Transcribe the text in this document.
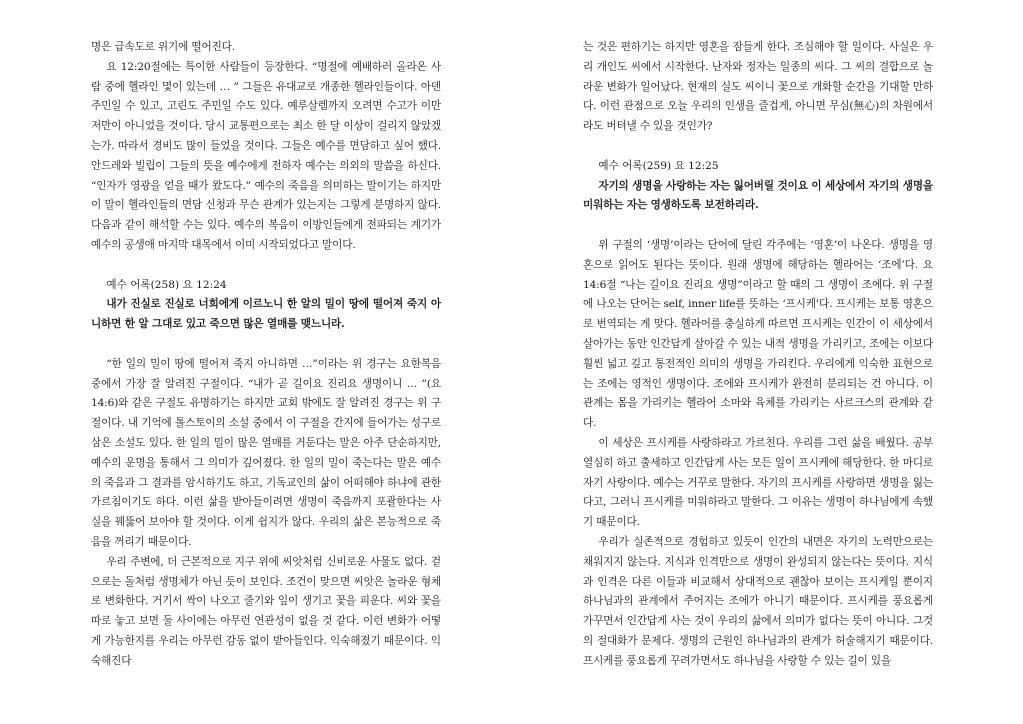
명은 급속도로 위기에 떨어진다.

요 12:20절에는 특이한 사람들이 등장한다. “명절에 예배하러 올라온 사람 중에 헬라인 몇이 있는데 … ” 그들은 유대교로 개종한 헬라인들이다. 아덴 주민일 수 있고, 고린도 주민일 수도 있다. 예루살렘까지 오려면 수고가 이만저만이 아니었을 것이다. 당시 교통편으로는 최소 한 달 이상이 걸리지 않았겠는가. 따라서 경비도 많이 들었을 것이다. 그들은 예수를 면담하고 싶어 했다. 안드레와 빌립이 그들의 뜻을 예수에게 전하자 예수는 의외의 말씀을 하신다. “인자가 영광을 얻을 때가 왔도다.” 예수의 죽음을 의미하는 말이기는 하지만 이 말이 헬라인들의 면담 신청과 무슨 관계가 있는지는 그렇게 분명하지 않다. 다음과 같이 해석할 수는 있다. 예수의 복음이 이방인들에게 전파되는 계기가 예수의 공생애 마지막 대목에서 이미 시작되었다고 말이다.

예수 어록(258) 요 12:24

내가 진실로 진실로 너희에게 이르노니 한 알의 밀이 땅에 떨어져 죽지 아니하면 한 알 그대로 있고 죽으면 많은 열매를 맺느니라.

“한 일의 밀이 땅에 떨어져 죽지 아니하면 …”이라는 위 경구는 요한복음 중에서 가장 잘 알려진 구절이다. “내가 곧 길이요 진리요 생명이니 … ”(요 14:6)와 같은 구절도 유명하기는 하지만 교회 밖에도 잘 알려진 경구는 위 구절이다. 내 기억에 톨스토이의 소설 중에서 이 구절을 간지에 들어가는 성구로 삼은 소설도 있다. 한 일의 밀이 많은 열매를 거둔다는 말은 아주 단순하지만, 예수의 운명을 통해서 그 의미가 깊어졌다. 한 일의 밀이 죽는다는 말은 예수의 죽음과 그 결과를 암시하기도 하고, 기독교인의 삶이 어떠해야 하냐에 관한 가르침이기도 하다. 이런 삶을 받아들이려면 생명이 죽음까지 포괄한다는 사실을 꿰뚫어 보아야 할 것이다. 이게 쉽지가 않다. 우리의 삶은 본능적으로 죽음을 꺼리기 때문이다.

우리 주변에, 더 근본적으로 지구 위에 씨앗처럼 신비로운 사물도 없다. 겉으로는 돌처럼 생명체가 아닌 듯이 보인다. 조건이 맞으면 씨앗은 놀라운 형체로 변화한다. 거기서 싹이 나오고 줄기와 잎이 생기고 꽃을 피운다. 씨와 꽃을 따로 놓고 보면 둘 사이에는 아무런 연관성이 없을 것 같다. 이런 변화가 어떻게 가능한지를 우리는 아무런 감동 없이 받아들인다. 익숙해졌기 때문이다. 익숙해진다

는 것은 편하기는 하지만 영혼을 잠들게 한다. 조심해야 할 일이다. 사실은 우리 개인도 씨에서 시작한다. 난자와 정자는 일종의 씨다. 그 씨의 결합으로 놀라운 변화가 일어났다. 현재의 실도 씨이니 꽃으로 개화할 순간을 기대할 만하다. 이런 관점으로 오늘 우리의 인생을 즐겁게, 아니면 무심(無心)의 차원에서라도 버텨낼 수 있을 것인가?

예수 어록(259) 요 12:25

자기의 생명을 사랑하는 자는 잃어버릴 것이요 이 세상에서 자기의 생명을 미워하는 자는 영생하도록 보전하리라.

위 구절의 ‘생명’이라는 단어에 달린 각주에는 ‘영혼’이 나온다. 생명을 영혼으로 읽어도 된다는 뜻이다. 원래 생명에 해당하는 헬라어는 ‘조에’다. 요 14:6절 “나는 길이요 진리요 생명”이라고 할 때의 그 생명이 조에다. 위 구절에 나오는 단어는 self, inner life를 뜻하는 ‘프시케’다. 프시케는 보통 영혼으로 번역되는 게 맞다. 헬라어를 충실하게 따르면 프시케는 인간이 이 세상에서 살아가는 동안 인간답게 살아갈 수 있는 내적 생명을 가리키고, 조에는 이보다 훨씬 넓고 깊고 통전적인 의미의 생명을 가리킨다. 우리에게 익숙한 표현으로는 조에는 영적인 생명이다. 조에와 프시케가 완전히 분리되는 건 아니다. 이 관계는 몸을 가리키는 헬라어 소마와 육체를 가리키는 사르크스의 관계와 같다.

이 세상은 프시케를 사랑하라고 가르친다. 우리를 그런 삶을 배웠다. 공부 열심히 하고 출세하고 인간답게 사는 모든 일이 프시케에 해당한다. 한 마디로 자기 사랑이다. 예수는 거꾸로 말한다. 자기의 프시케를 사랑하면 생명을 잃는다고, 그러니 프시케를 미워하라고 말한다. 그 이유는 생명이 하나님에게 속했기 때문이다.

우리가 실존적으로 경험하고 있듯이 인간의 내면은 자기의 노력만으로는 채워지지 않는다. 지식과 인격만으로 생명이 완성되지 않는다는 뜻이다. 지식과 인격은 다른 이들과 비교해서 상대적으로 괜찮아 보이는 프시케일 뿐이지 하나님과의 관계에서 주어지는 조에가 아니기 때문이다. 프시케를 풍요롭게 가꾸면서 인간답게 사는 것이 우리의 삶에서 의미가 없다는 뜻이 아니다. 그것의 절대화가 문제다. 생명의 근원인 하나님과의 관계가 허술해지기 때문이다. 프시케를 풍요롭게 꾸려가면서도 하나님을 사랑할 수 있는 길이 있을
